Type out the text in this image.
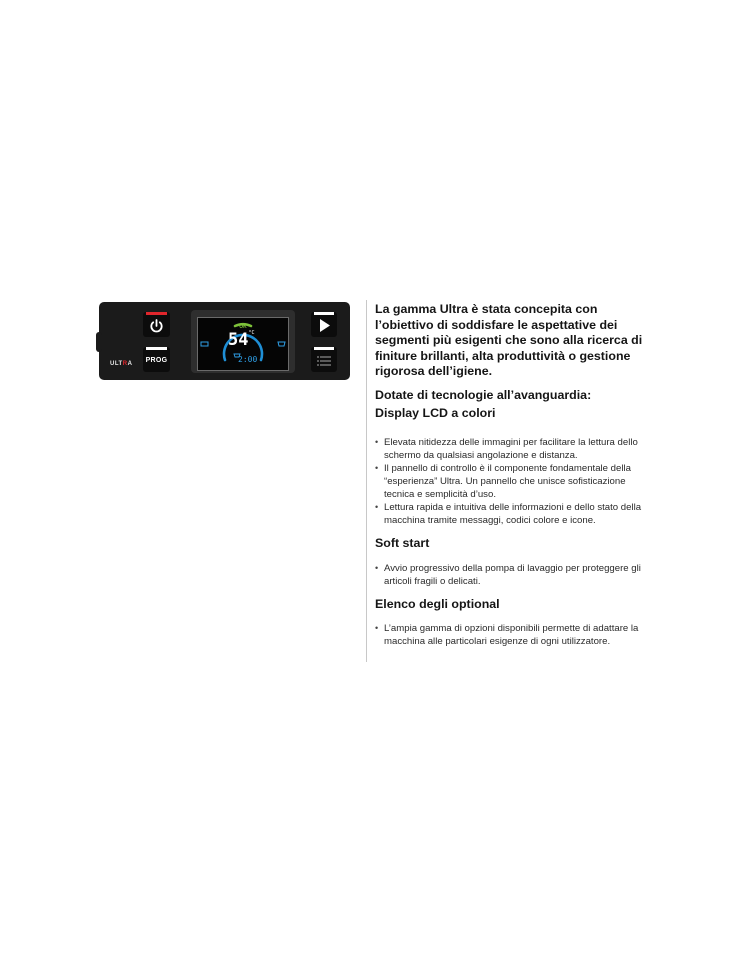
PROG
ULTRA
OK
$54^{^\circ C}$
2:00

La gamma Ultra è stata concepita con l’obiettivo di soddisfare le aspettative dei segmenti più esigenti che sono alla ricerca di finiture brillanti, alta produttività o gestione rigorosa dell’igiene.

Dotate di tecnologie all’avanguardia:

Display LCD a colori

• Elevata nitidezza delle immagini per facilitare la lettura dello schermo da qualsiasi angolazione e distanza.
• Il pannello di controllo è il componente fondamentale della “esperienza” Ultra. Un pannello che unisce sofisticazione tecnica e semplicità d’uso.
• Lettura rapida e intuitiva delle informazioni e dello stato della macchina tramite messaggi, codici colore e icone.

Soft start

• Avvio progressivo della pompa di lavaggio per proteggere gli articoli fragili o delicati.

Elenco degli optional

• L’ampia gamma di opzioni disponibili permette di adattare la macchina alle particolari esigenze di ogni utilizzatore.
